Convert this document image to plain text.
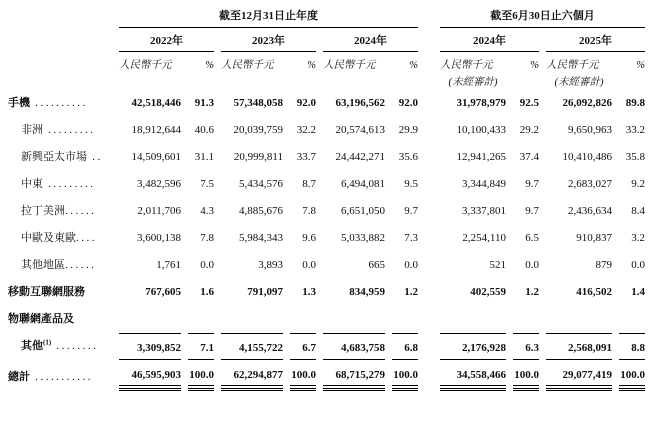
	截至12月31日止年度							截至6月30日止六個月			
	2022年		2023年		2024年			2024年		2025年	
	人民幣千元	%	人民幣千元	%	人民幣千元	%		人民幣千元	%	人民幣千元	%
								(未經審計)		(未經審計)	
手機 ..........	42,518,446	91.3	57,348,058	92.0	63,196,562	92.0		31,978,979	92.5	26,092,826	89.8
非洲 .........	18,912,644	40.6	20,039,759	32.2	20,574,613	29.9		10,100,433	29.2	9,650,963	33.2
新興亞太市場 ..	14,509,601	31.1	20,999,811	33.7	24,442,271	35.6		12,941,265	37.4	10,410,486	35.8
中東 .........	3,482,596	7.5	5,434,576	8.7	6,494,081	9.5		3,344,849	9.7	2,683,027	9.2
拉丁美洲......	2,011,706	4.3	4,885,676	7.8	6,651,050	9.7		3,337,801	9.7	2,436,634	8.4
中歐及東歐....	3,600,138	7.8	5,984,343	9.6	5,033,882	7.3		2,254,110	6.5	910,837	3.2
其他地區......	1,761	0.0	3,893	0.0	665	0.0		521	0.0	879	0.0
移動互聯網服務	767,605	1.6	791,097	1.3	834,959	1.2		402,559	1.2	416,502	1.4
物聯網產品及											
其他$^{(1)}$ ........	3,309,852	7.1	4,155,722	6.7	4,683,758	6.8		2,176,928	6.3	2,568,091	8.8
總計 ...........	46,595,903	100.0	62,294,877	100.0	68,715,279	100.0		34,558,466	100.0	29,077,419	100.0
